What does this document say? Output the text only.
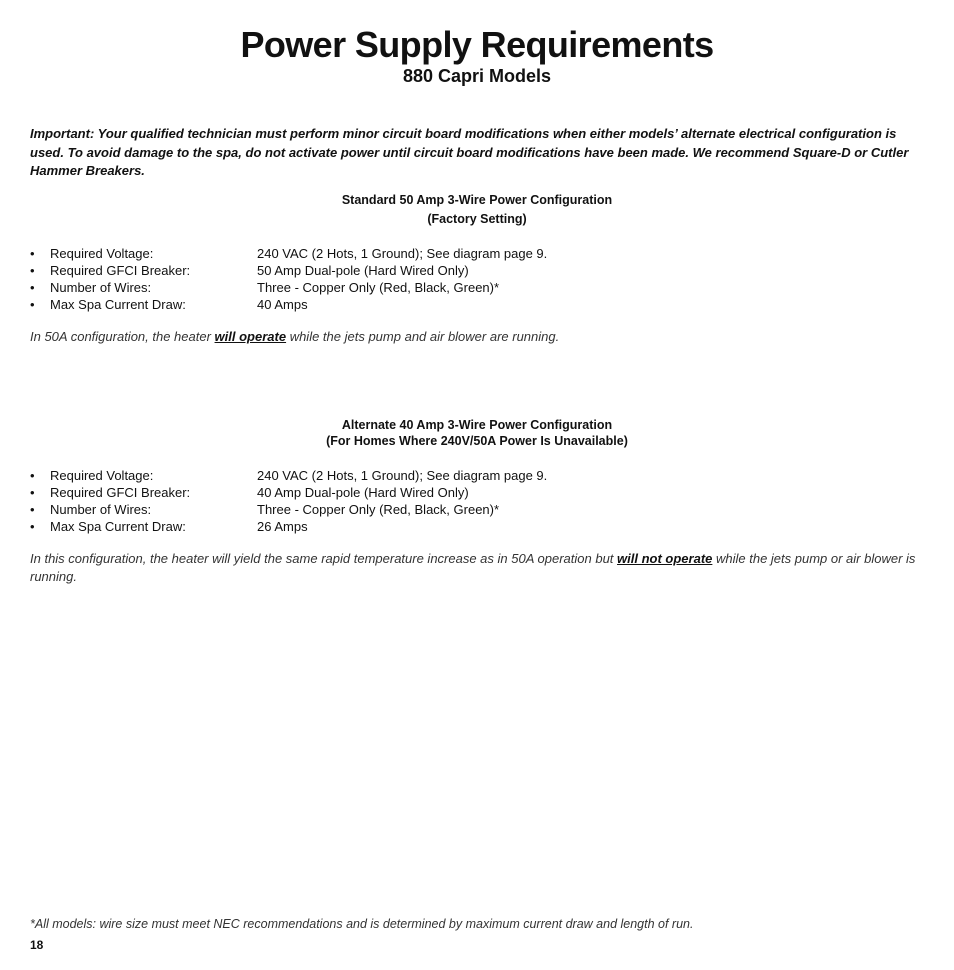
Power Supply Requirements
880 Capri Models

Important: Your qualified technician must perform minor circuit board modifications when either models’ alternate electrical configuration is used. To avoid damage to the spa, do not activate power until circuit board modifications have been made. We recommend Square-D or Cutler Hammer Breakers.

Standard 50 Amp 3-Wire Power Configuration
(Factory Setting)
•	Required Voltage:	240 VAC (2 Hots, 1 Ground); See diagram page 9.
•	Required GFCI Breaker:	50 Amp Dual-pole (Hard Wired Only)
•	Number of Wires:	Three - Copper Only (Red, Black, Green)*
•	Max Spa Current Draw:	40 Amps

In 50A configuration, the heater will operate while the jets pump and air blower are running.

Alternate 40 Amp 3-Wire Power Configuration
(For Homes Where 240V/50A Power Is Unavailable)
•	Required Voltage:	240 VAC (2 Hots, 1 Ground); See diagram page 9.
•	Required GFCI Breaker:	40 Amp Dual-pole (Hard Wired Only)
•	Number of Wires:	Three - Copper Only (Red, Black, Green)*
•	Max Spa Current Draw:	26 Amps

In this configuration, the heater will yield the same rapid temperature increase as in 50A operation but will not operate while the jets pump or air blower is running.

*All models: wire size must meet NEC recommendations and is determined by maximum current draw and length of run.

18
